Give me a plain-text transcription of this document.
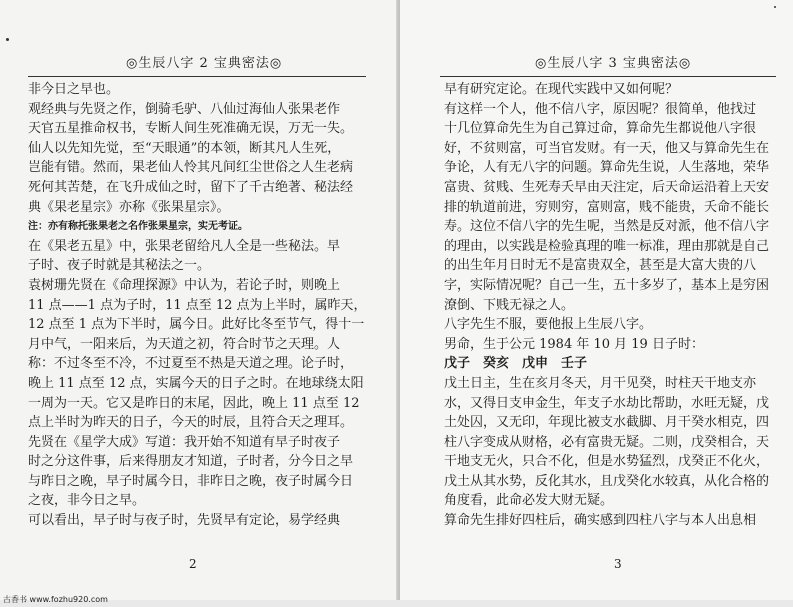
◎生辰八字 2 宝典密法◎
非今日之早也。
观经典与先贤之作，倒骑毛驴、八仙过海仙人张果老作
天官五星推命权书，专断人间生死准确无误，万无一失。
仙人以先知先觉，至“天眼通”的本领，断其凡人生死，
岂能有错。然而，果老仙人怜其凡间红尘世俗之人生老病
死何其苦楚，在飞升成仙之时，留下了千古绝著、秘法经
典《果老星宗》亦称《张果星宗》。
注：亦有称托张果老之名作张果星宗，实无考证。
在《果老五星》中，张果老留给凡人全是一些秘法。早
子时、夜子时就是其秘法之一。
袁树珊先贤在《命理探源》中认为，若论子时，则晚上
11 点——1 点为子时，11 点至 12 点为上半时，属昨天，
12 点至 1 点为下半时，属今日。此好比冬至节气，得十一
月中气，一阳来后，为天道之初，符合时节之天理。人
称：不过冬至不冷，不过夏至不热是天道之理。论子时，
晚上 11 点至 12 点，实属今天的日子之时。在地球绕太阳
一周为一天。它又是昨日的末尾，因此，晚上 11 点至 12
点上半时为昨天的日子，今天的时辰，且符合天之理耳。
先贤在《星学大成》写道：我开始不知道有早子时夜子
时之分这件事，后来得朋友才知道，子时者，分今日之早
与昨日之晚，早子时属今日，非昨日之晚，夜子时属今日
之夜，非今日之早。
可以看出，早子时与夜子时，先贤早有定论，易学经典
2
◎生辰八字 3 宝典密法◎
早有研究定论。在现代实践中又如何呢？
有这样一个人，他不信八字，原因呢？很简单，他找过
十几位算命先生为自己算过命，算命先生都说他八字很
好，不贫则富，可当官发财。有一天，他又与算命先生在
争论，人有无八字的问题。算命先生说，人生落地，荣华
富贵、贫贱、生死寿夭早由天注定，后天命运沿着上天安
排的轨道前进，穷则穷，富则富，贱不能贵，夭命不能长
寿。这位不信八字的先生呢，当然是反对派，他不信八字
的理由，以实践是检验真理的唯一标准，理由那就是自己
的出生年月日时无不是富贵双全，甚至是大富大贵的八
字，实际情况呢？自己一生，五十多岁了，基本上是穷困
潦倒、下贱无禄之人。
八字先生不服，要他报上生辰八字。
男命，生于公元 1984 年 10 月 19 日子时：
戊子　癸亥　戊申　壬子
戊土日主，生在亥月冬天，月干见癸，时柱天干地支亦
水，又得日支申金生，年支子水劫比帮助，水旺无疑，戊
土处囚，又无印，年现比被支水截脚、月干癸水相克，四
柱八字变成从财格，必有富贵无疑。二则，戊癸相合，天
干地支无火，只合不化，但是水势猛烈，戊癸正不化火，
戊土从其水势，反化其水，且戊癸化水较真，从化合格的
角度看，此命必发大财无疑。
算命先生排好四柱后，确实感到四柱八字与本人出息相
3
古香书 www.fozhu920.com
